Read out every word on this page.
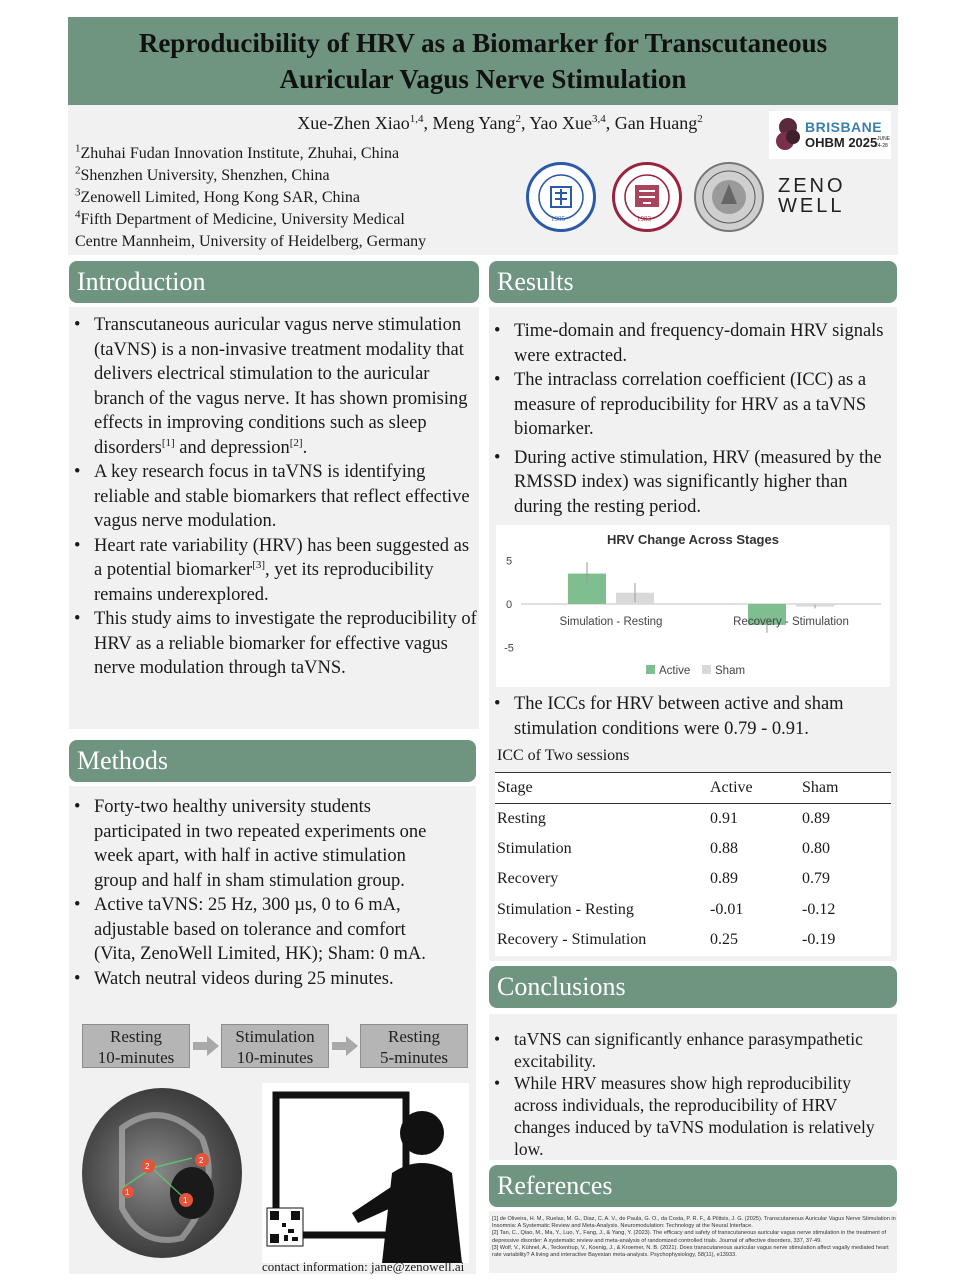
Reproducibility of HRV as a Biomarker for Transcutaneous
Auricular Vagus Nerve Stimulation
Xue-Zhen Xiao$^{1,4}$, Meng Yang$^2$, Yao Xue$^{3,4}$, Gan Huang$^2$
$^1$Zhuhai Fudan Innovation Institute, Zhuhai, China
$^2$Shenzhen University, Shenzhen, China
$^3$Zenowell Limited, Hong Kong SAR, China
$^4$Fifth Department of Medicine, University Medical
Centre Mannheim, University of Heidelberg, Germany
BRISBANE
OHBM 2025 JUNE
24-28
1905	1983
ZENO
WELL
Introduction
• Transcutaneous auricular vagus nerve stimulation (taVNS) is a non-invasive treatment modality that delivers electrical stimulation to the auricular branch of the vagus nerve. It has shown promising effects in improving conditions such as sleep disorders[1] and depression[2].
• A key research focus in taVNS is identifying reliable and stable biomarkers that reflect effective vagus nerve modulation.
• Heart rate variability (HRV) has been suggested as a potential biomarker[3], yet its reproducibility remains underexplored.
• This study aims to investigate the reproducibility of HRV as a reliable biomarker for effective vagus nerve modulation through taVNS.
Methods
• Forty-two healthy university students participated in two repeated experiments one week apart, with half in active stimulation group and half in sham stimulation group.
• Active taVNS: 25 Hz, 300 µs, 0 to 6 mA, adjustable based on tolerance and comfort (Vita, ZenoWell Limited, HK); Sham: 0 mA.
• Watch neutral videos during 25 minutes.
Resting
10-minutes
Stimulation
10-minutes
Resting
5-minutes
2
2
1
1
contact information: jane@zenowell.ai
Results
• Time-domain and frequency-domain HRV signals were extracted.
• The intraclass correlation coefficient (ICC) as a measure of reproducibility for HRV as a taVNS biomarker.
• During active stimulation, HRV (measured by the RMSSD index) was significantly higher than during the resting period.
HRV Change Across Stages
5
0
-5
Simulation - Resting	Recovery - Stimulation
Active Sham
• The ICCs for HRV between active and sham stimulation conditions were 0.79 - 0.91.
ICC of Two sessions
Stage	Active	Sham
Resting	0.91	0.89
Stimulation	0.88	0.80
Recovery	0.89	0.79
Stimulation - Resting	-0.01	-0.12
Recovery - Stimulation	0.25	-0.19
Conclusions
• taVNS can significantly enhance parasympathetic excitability.
• While HRV measures show high reproducibility across individuals, the reproducibility of HRV changes induced by taVNS modulation is relatively low.
References
[1] de Oliveira, H. M., Ruelas, M. G., Diaz, C. A. V., de Paula, G. O., da Costa, P. R. F., & Pilitsis, J. G. (2025). Transcutaneous Auricular Vagus Nerve Stimulation in Insomnia: A Systematic Review and Meta-Analysis. Neuromodulation: Technology at the Neural Interface.
[2] Tan, C., Qiao, M., Ma, Y., Luo, Y., Fang, J., & Yang, Y. (2023). The efficacy and safety of transcutaneous auricular vagus nerve stimulation in the treatment of depressive disorder: A systematic review and meta-analysis of randomized controlled trials. Journal of affective disorders, 337, 37-49.
[3] Wolf, V., Kühnel, A., Teckentrup, V., Koenig, J., & Kroemer, N. B. (2021). Does transcutaneous auricular vagus nerve stimulation affect vagally mediated heart rate variability? A living and interactive Bayesian meta-analysis. Psychophysiology, 58(11), e13933.
